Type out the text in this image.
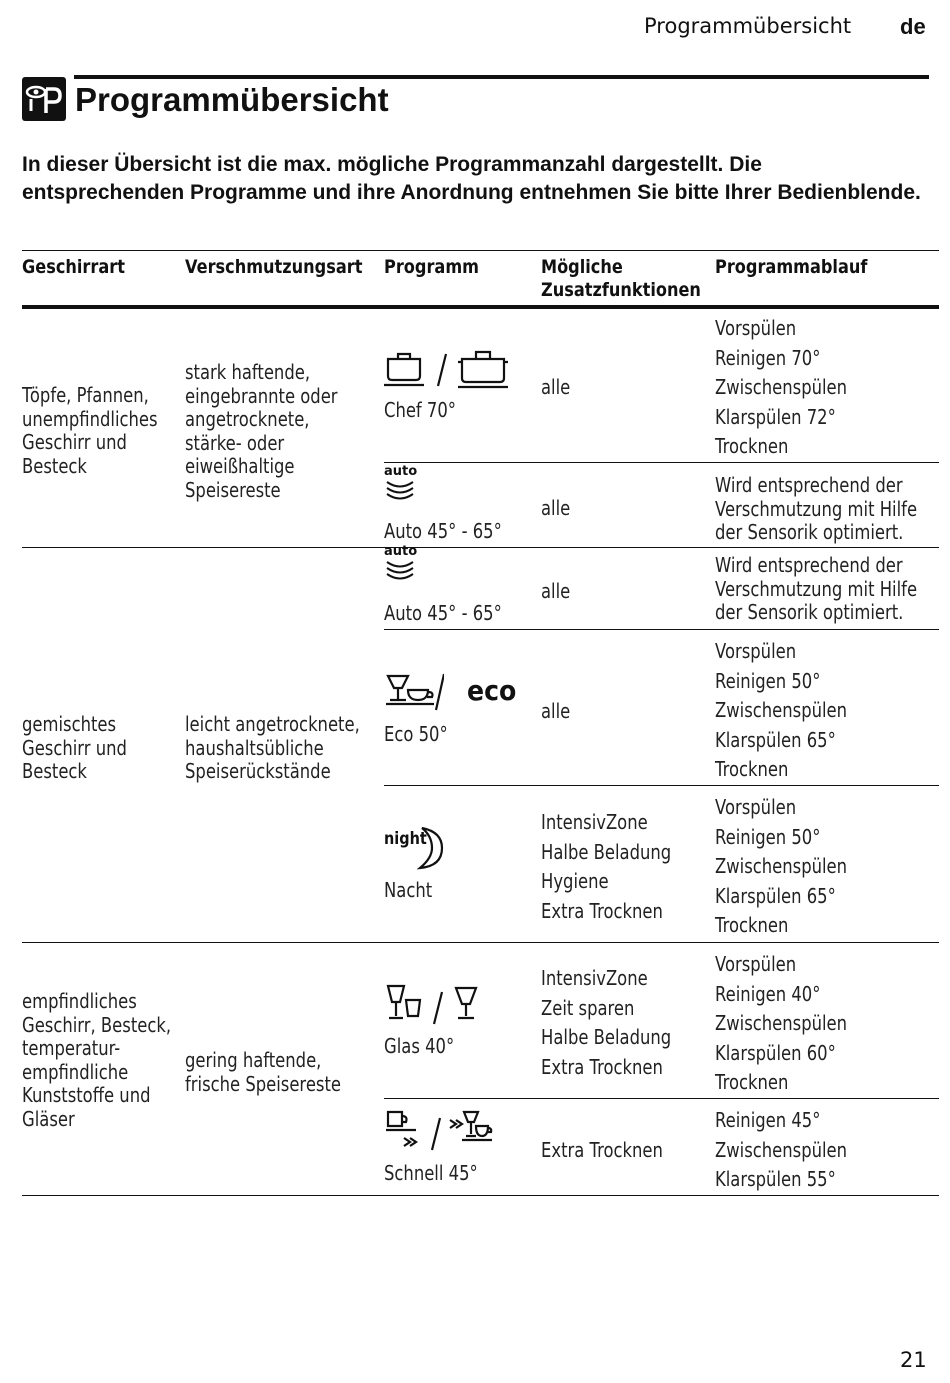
Programmübersicht de
Programmübersicht
In dieser Übersicht ist die max. mögliche Programmanzahl dargestellt. Die entsprechenden Programme und ihre Anordnung entnehmen Sie bitte Ihrer Bedienblende.
Geschirrart	Verschmutzungsart Programm	Mögliche Zusatzfunktionen
Programmablauf
Töpfe, Pfannen, unempfindliches Geschirr und Besteck
stark haftende, eingebrannte oder angetrocknete, stärke- oder eiweißhaltige Speisereste
gemischtes Geschirr und Besteck
leicht angetrocknete, haushaltsübliche Speiserückstände
empfindliches Geschirr, Besteck, temperatur-empfindliche Kunststoffe und Gläser
gering haftende, frische Speisereste
Chef 70°
alle
Vorspülen
Reinigen 70°
Zwischenspülen
Klarspülen 72°
Trocknen
auto
Auto 45° - 65°
alle
Wird entsprechend der
Verschmutzung mit Hilfe
der Sensorik optimiert.
auto
Auto 45° - 65°
alle
Wird entsprechend der
Verschmutzung mit Hilfe
der Sensorik optimiert.
eco
Eco 50°
alle
Vorspülen
Reinigen 50°
Zwischenspülen
Klarspülen 65°
Trocknen
night
Nacht
IntensivZone
Halbe Beladung
Hygiene
Extra Trocknen
Vorspülen
Reinigen 50°
Zwischenspülen
Klarspülen 65°
Trocknen
Glas 40°
IntensivZone
Zeit sparen
Halbe Beladung
Extra Trocknen
Vorspülen
Reinigen 40°
Zwischenspülen
Klarspülen 60°
Trocknen
Schnell 45°
Extra Trocknen
Reinigen 45°
Zwischenspülen
Klarspülen 55°
21
